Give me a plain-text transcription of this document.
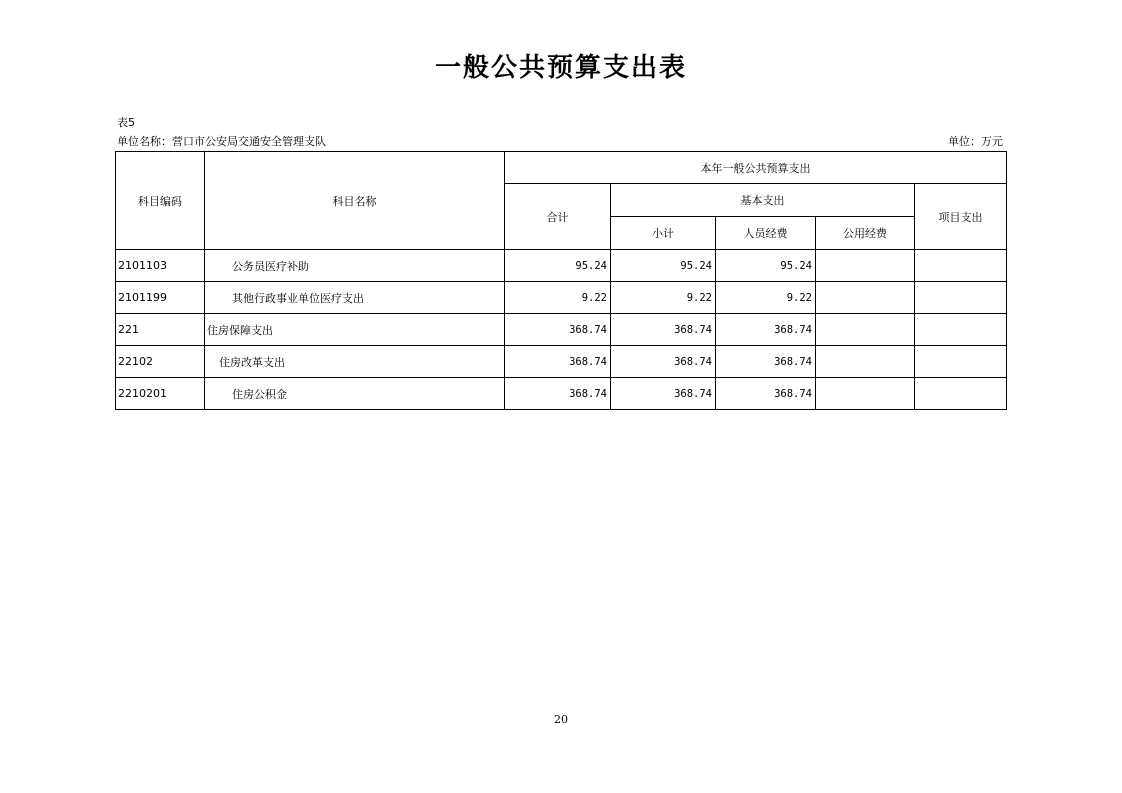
一般公共预算支出表
表5
单位名称：营口市公安局交通安全管理支队	单位：万元
科目编码	科目名称	本年一般公共预算支出				
		合计	基本支出			项目支出
			小计	人员经费	公用经费	
2101103	公务员医疗补助	95.24	95.24	95.24		
2101199	其他行政事业单位医疗支出	9.22	9.22	9.22		
221	住房保障支出	368.74	368.74	368.74		
22102	住房改革支出	368.74	368.74	368.74		
2210201	住房公积金	368.74	368.74	368.74		
20
